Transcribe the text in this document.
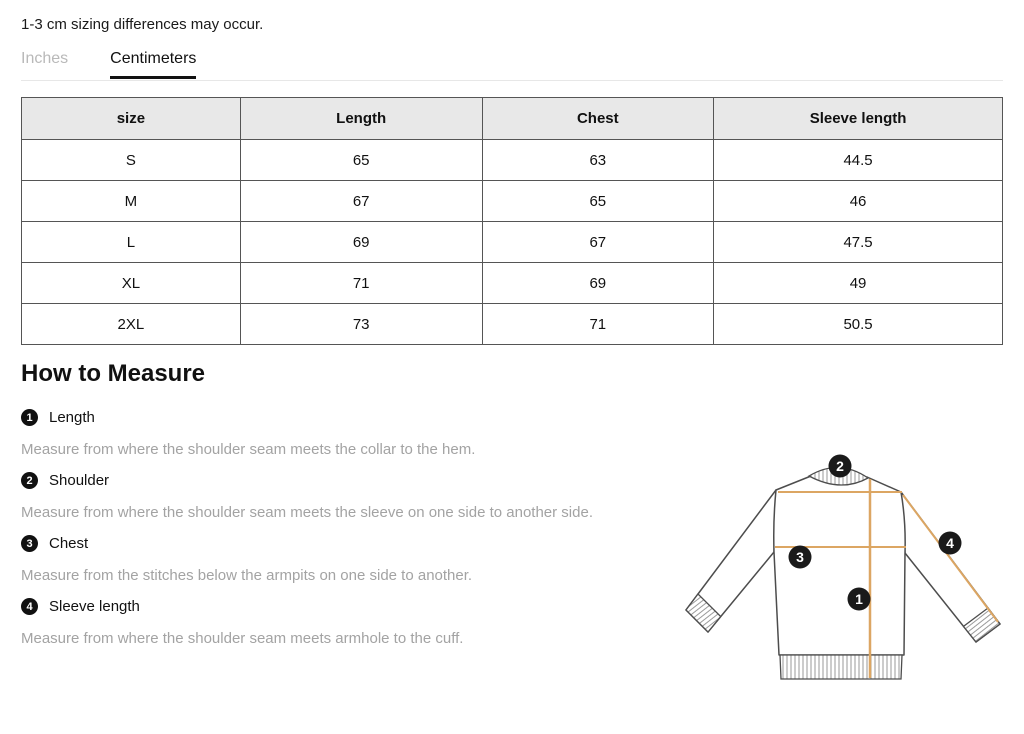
1-3 cm sizing differences may occur.
Inches	Centimeters
size	Length	Chest	Sleeve length
S	65	63	44.5
M	67	65	46
L	69	67	47.5
XL	71	69	49
2XL	73	71	50.5
How to Measure
1	Length
Measure from where the shoulder seam meets the collar to the hem.
2	Shoulder
Measure from where the shoulder seam meets the sleeve on one side to another side.
3	Chest
Measure from the stitches below the armpits on one side to another.
4	Sleeve length
Measure from where the shoulder seam meets armhole to the cuff.
2
3
1
4
